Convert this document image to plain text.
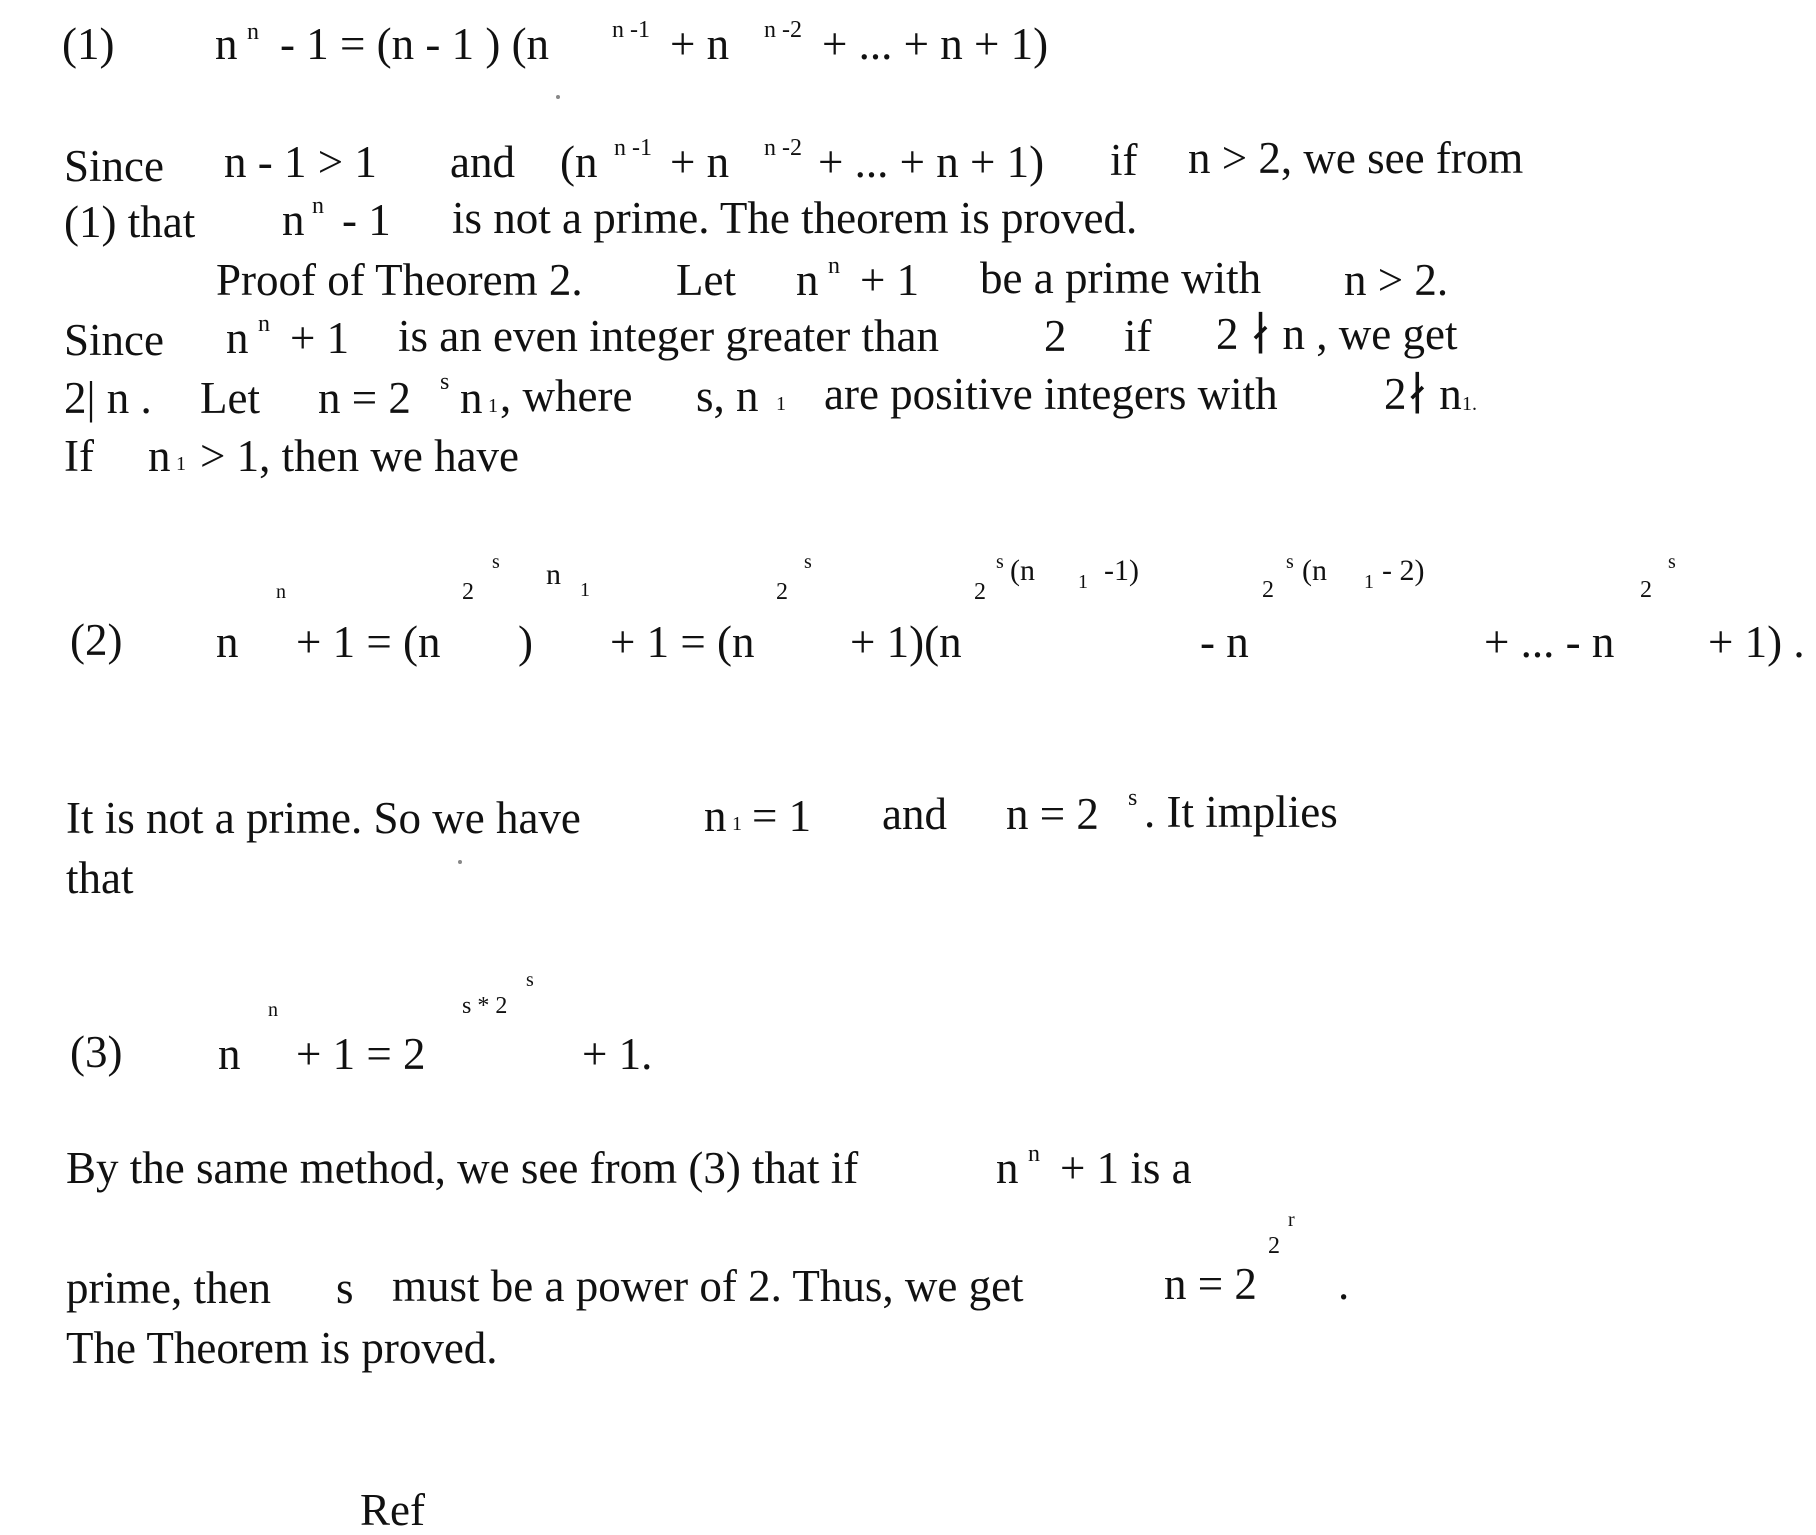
(1) n n - 1 = (n - 1 ) (n	n -1 + n n -2 + ... + n + 1)
Since n - 1 > 1 and (n n -1 + n n -2 + ... + n + 1) if n > 2, we see from
(1) that n n - 1 is not a prime. The theorem is proved.
Proof of Theorem 2. Let n n + 1 be a prime with n > 2.
Since n n + 1 is an even integer greater than 2 if 2 ∤ n , we get
2| n . Let n = 2 s n 1 , where s, n 1 are positive integers with 2∤ n 1.
If n 1 > 1, then we have
(2) n
n
+ 1 = (n
2
s
)
n 1
+ 1 = (n
2
s
+ 1)(n
2
s (n 1 -1)
- n
2
s (n 1 - 2)
+ ... - n
2
s
+ 1) .
It is not a prime. So we have	n 1 = 1 and n = 2 s . It implies
that
(3) n
n
+ 1 = 2
s * 2
s
+ 1.
By the same method, we see from (3) that if	n n + 1 is a
prime, then s must be a power of 2. Thus, we get	n = 2
2
r
.
The Theorem is proved.
Ref
